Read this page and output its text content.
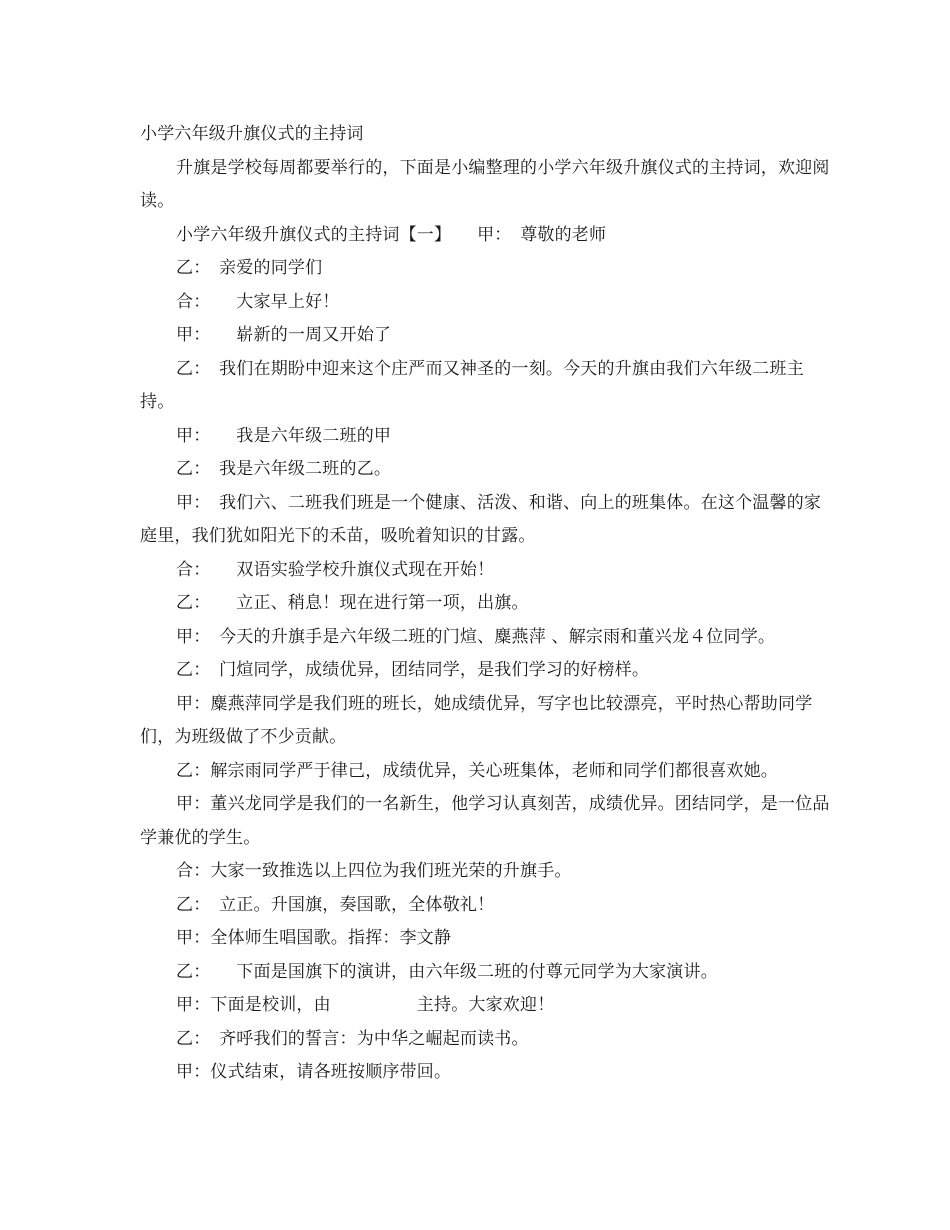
小学六年级升旗仪式的主持词

升旗是学校每周都要举行的，下面是小编整理的小学六年级升旗仪式的主持词，欢迎阅读。

小学六年级升旗仪式的主持词【一】　　甲：　尊敬的老师

乙：　亲爱的同学们

合：　　大家早上好！

甲：　　崭新的一周又开始了

乙：　我们在期盼中迎来这个庄严而又神圣的一刻。今天的升旗由我们六年级二班主持。

甲：　　我是六年级二班的甲

乙：　我是六年级二班的乙。

甲：　我们六、二班我们班是一个健康、活泼、和谐、向上的班集体。在这个温馨的家庭里，我们犹如阳光下的禾苗，吸吮着知识的甘露。

合：　　双语实验学校升旗仪式现在开始！

乙：　　立正、稍息！现在进行第一项，出旗。

甲：　今天的升旗手是六年级二班的门煊、麋燕萍 、解宗雨和董兴龙４位同学。

乙：　门煊同学，成绩优异，团结同学，是我们学习的好榜样。

甲：麋燕萍同学是我们班的班长，她成绩优异，写字也比较漂亮，平时热心帮助同学们，为班级做了不少贡献。

乙：解宗雨同学严于律己，成绩优异，关心班集体，老师和同学们都很喜欢她。

甲：董兴龙同学是我们的一名新生，他学习认真刻苦，成绩优异。团结同学，是一位品学兼优的学生。

合：大家一致推选以上四位为我们班光荣的升旗手。

乙：　立正。升国旗，奏国歌，全体敬礼！

甲：全体师生唱国歌。指挥：李文静

乙：　　下面是国旗下的演讲，由六年级二班的付尊元同学为大家演讲。

甲：下面是校训，由　　　　　主持。大家欢迎！

乙：　齐呼我们的誓言：为中华之崛起而读书。

甲：仪式结束，请各班按顺序带回。
